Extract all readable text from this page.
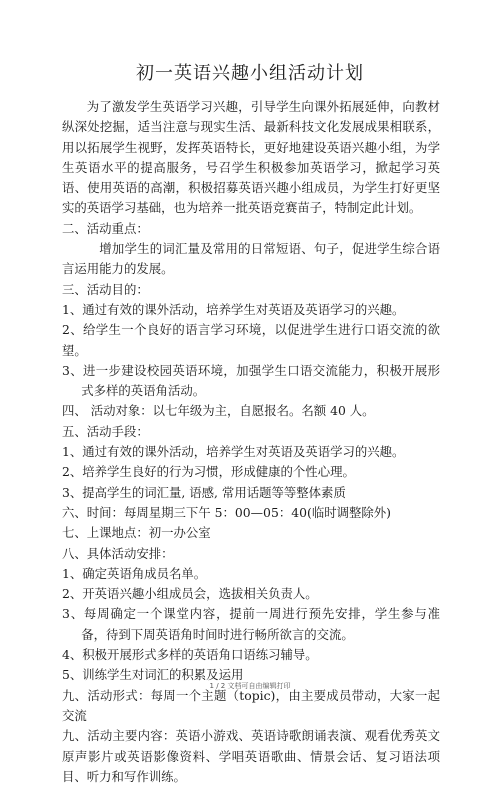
初一英语兴趣小组活动计划

为了激发学生英语学习兴趣，引导学生向课外拓展延伸，向教材纵深处挖掘，适当注意与现实生活、最新科技文化发展成果相联系，用以拓展学生视野，发挥英语特长，更好地建设英语兴趣小组，为学生英语水平的提高服务，号召学生积极参加英语学习，掀起学习英语、使用英语的高潮，积极招募英语兴趣小组成员，为学生打好更坚实的英语学习基础，也为培养一批英语竞赛苗子，特制定此计划。

二、活动重点：

增加学生的词汇量及常用的日常短语、句子，促进学生综合语言运用能力的发展。

三、活动目的：

1、通过有效的课外活动，培养学生对英语及英语学习的兴趣。

2、给学生一个良好的语言学习环境，以促进学生进行口语交流的欲望。

3、进一步建设校园英语环境，加强学生口语交流能力，积极开展形式多样的英语角活动。

四、 活动对象：以七年级为主，自愿报名。名额 40 人。

五、活动手段：

1、通过有效的课外活动，培养学生对英语及英语学习的兴趣。

2、培养学生良好的行为习惯，形成健康的个性心理。

3、提高学生的词汇量, 语感, 常用话题等等整体素质

六、时间：每周星期三下午 5：00—05：40(临时调整除外)

七、上课地点：初一办公室

八、具体活动安排：

1、确定英语角成员名单。

2、开英语兴趣小组成员会，选拔相关负责人。

3、每周确定一个课堂内容，提前一周进行预先安排，学生参与准备，待到下周英语角时间时进行畅所欲言的交流。

4、积极开展形式多样的英语角口语练习辅导。

5、训练学生对词汇的积累及运用

九、活动形式：每周一个主题（topic)，由主要成员带动，大家一起交流

九、活动主要内容：英语小游戏、英语诗歌朗诵表演、观看优秀英文原声影片或英语影像资料、学唱英语歌曲、情景会话、复习语法项目、听力和写作训练。

1 / 2 文档可自由编辑打印
